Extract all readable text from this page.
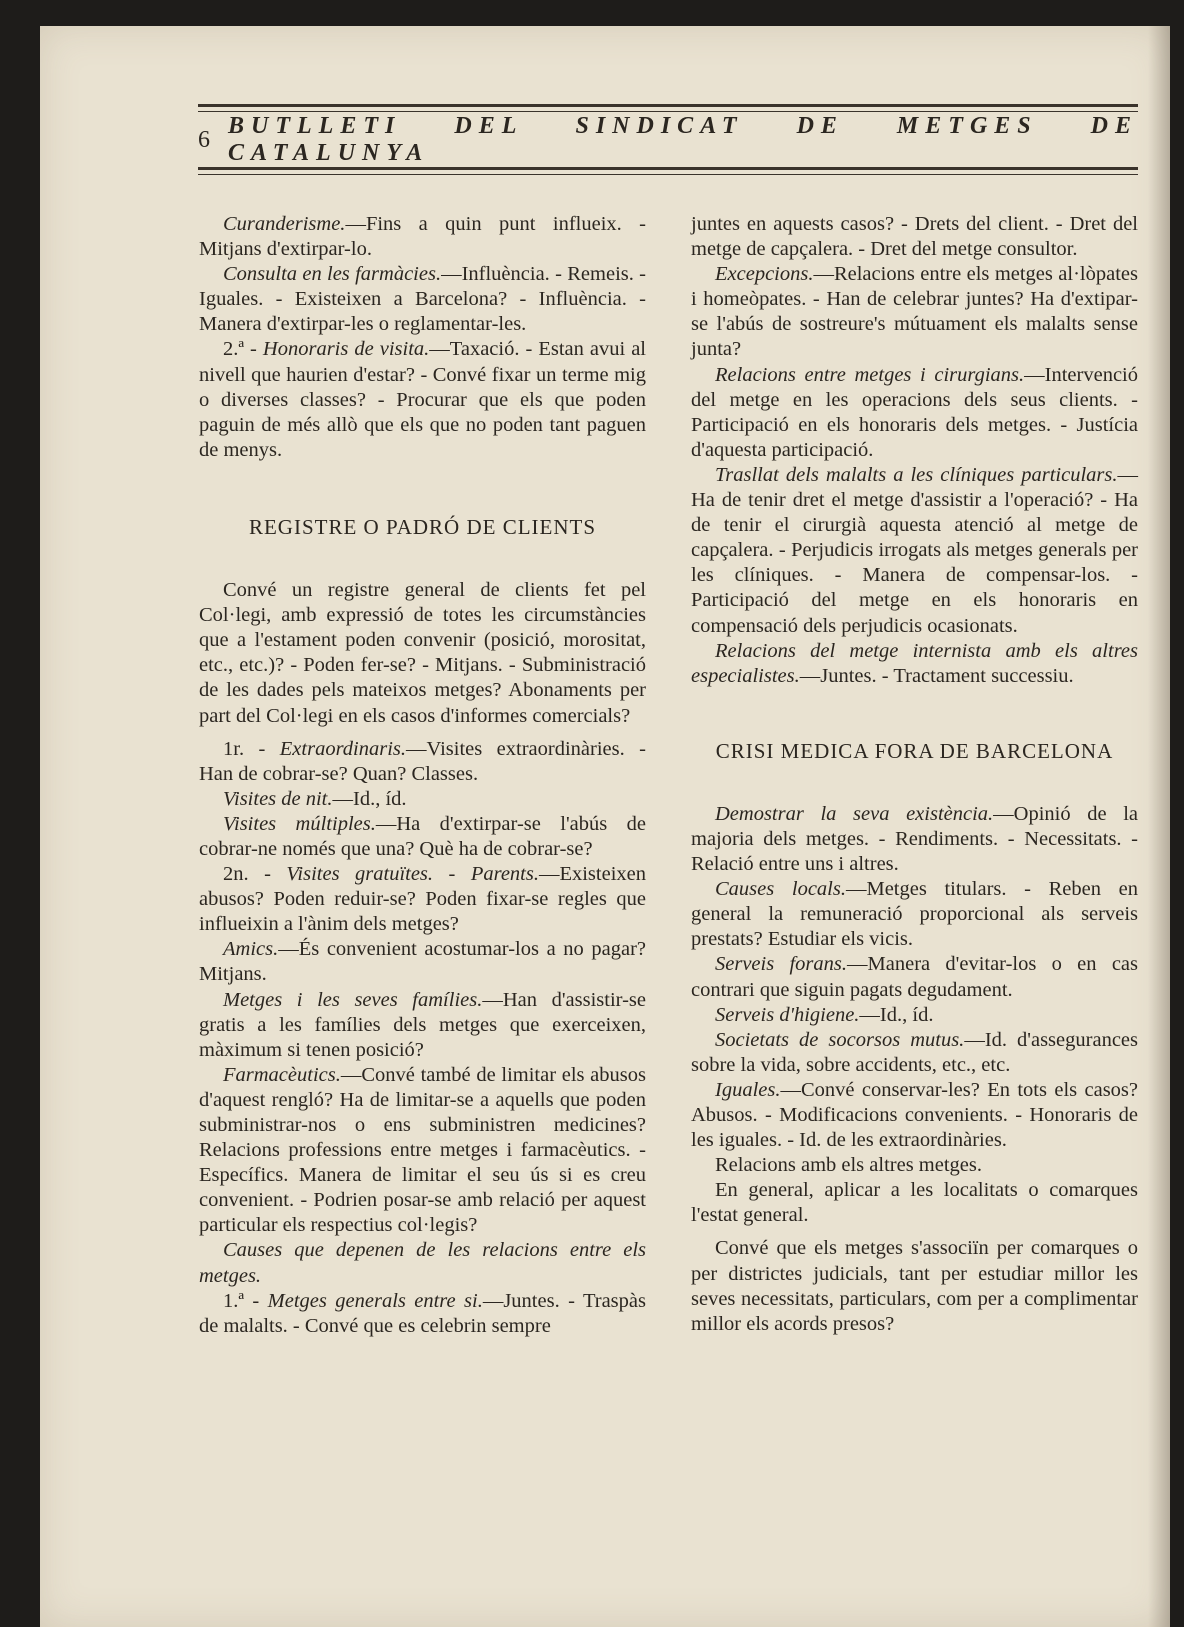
6
BUTLLETI DEL SINDICAT DE METGES DE CATALUNYA

Curanderisme.—Fins a quin punt influeix. - Mitjans d'extirpar-lo.

Consulta en les farmàcies.—Influència. - Remeis. - Iguales. - Existeixen a Barcelona? - Influència. - Manera d'extirpar-les o reglamentar-les.

2.ª - Honoraris de visita.—Taxació. - Estan avui al nivell que haurien d'estar? - Convé fixar un terme mig o diverses classes? - Procurar que els que poden paguin de més allò que els que no poden tant paguen de menys.

REGISTRE O PADRÓ DE CLIENTS

Convé un registre general de clients fet pel Col·legi, amb expressió de totes les circumstàncies que a l'estament poden convenir (posició, morositat, etc., etc.)? - Poden fer-se? - Mitjans. - Subministració de les dades pels mateixos metges? Abonaments per part del Col·legi en els casos d'informes comercials?

1r. - Extraordinaris.—Visites extraordinàries. - Han de cobrar-se? Quan? Classes.

Visites de nit.—Id., íd.

Visites múltiples.—Ha d'extirpar-se l'abús de cobrar-ne només que una? Què ha de cobrar-se?

2n. - Visites gratuïtes. - Parents.—Existeixen abusos? Poden reduir-se? Poden fixar-se regles que influeixin a l'ànim dels metges?

Amics.—És convenient acostumar-los a no pagar? Mitjans.

Metges i les seves famílies.—Han d'assistir-se gratis a les famílies dels metges que exerceixen, màximum si tenen posició?

Farmacèutics.—Convé també de limitar els abusos d'aquest rengló? Ha de limitar-se a aquells que poden subministrar-nos o ens subministren medicines? Relacions professions entre metges i farmacèutics. - Específics. Manera de limitar el seu ús si es creu convenient. - Podrien posar-se amb relació per aquest particular els respectius col·legis?

Causes que depenen de les relacions entre els metges.

1.ª - Metges generals entre si.—Juntes. - Traspàs de malalts. - Convé que es celebrin sempre

juntes en aquests casos? - Drets del client. - Dret del metge de capçalera. - Dret del metge consultor.

Excepcions.—Relacions entre els metges al·lòpates i homeòpates. - Han de celebrar juntes? Ha d'extipar-se l'abús de sostreure's mútuament els malalts sense junta?

Relacions entre metges i cirurgians.—Intervenció del metge en les operacions dels seus clients. - Participació en els honoraris dels metges. - Justícia d'aquesta participació.

Trasllat dels malalts a les clíniques particulars.—Ha de tenir dret el metge d'assistir a l'operació? - Ha de tenir el cirurgià aquesta atenció al metge de capçalera. - Perjudicis irrogats als metges generals per les clíniques. - Manera de compensar-los. - Participació del metge en els honoraris en compensació dels perjudicis ocasionats.

Relacions del metge internista amb els altres especialistes.—Juntes. - Tractament successiu.

CRISI MEDICA FORA DE BARCELONA

Demostrar la seva existència.—Opinió de la majoria dels metges. - Rendiments. - Necessitats. - Relació entre uns i altres.

Causes locals.—Metges titulars. - Reben en general la remuneració proporcional als serveis prestats? Estudiar els vicis.

Serveis forans.—Manera d'evitar-los o en cas contrari que siguin pagats degudament.

Serveis d'higiene.—Id., íd.

Societats de socorsos mutus.—Id. d'assegurances sobre la vida, sobre accidents, etc., etc.

Iguales.—Convé conservar-les? En tots els casos? Abusos. - Modificacions convenients. - Honoraris de les iguales. - Id. de les extraordinàries.

Relacions amb els altres metges.

En general, aplicar a les localitats o comarques l'estat general.

Convé que els metges s'associïn per comarques o per districtes judicials, tant per estudiar millor les seves necessitats, particulars, com per a complimentar millor els acords presos?
